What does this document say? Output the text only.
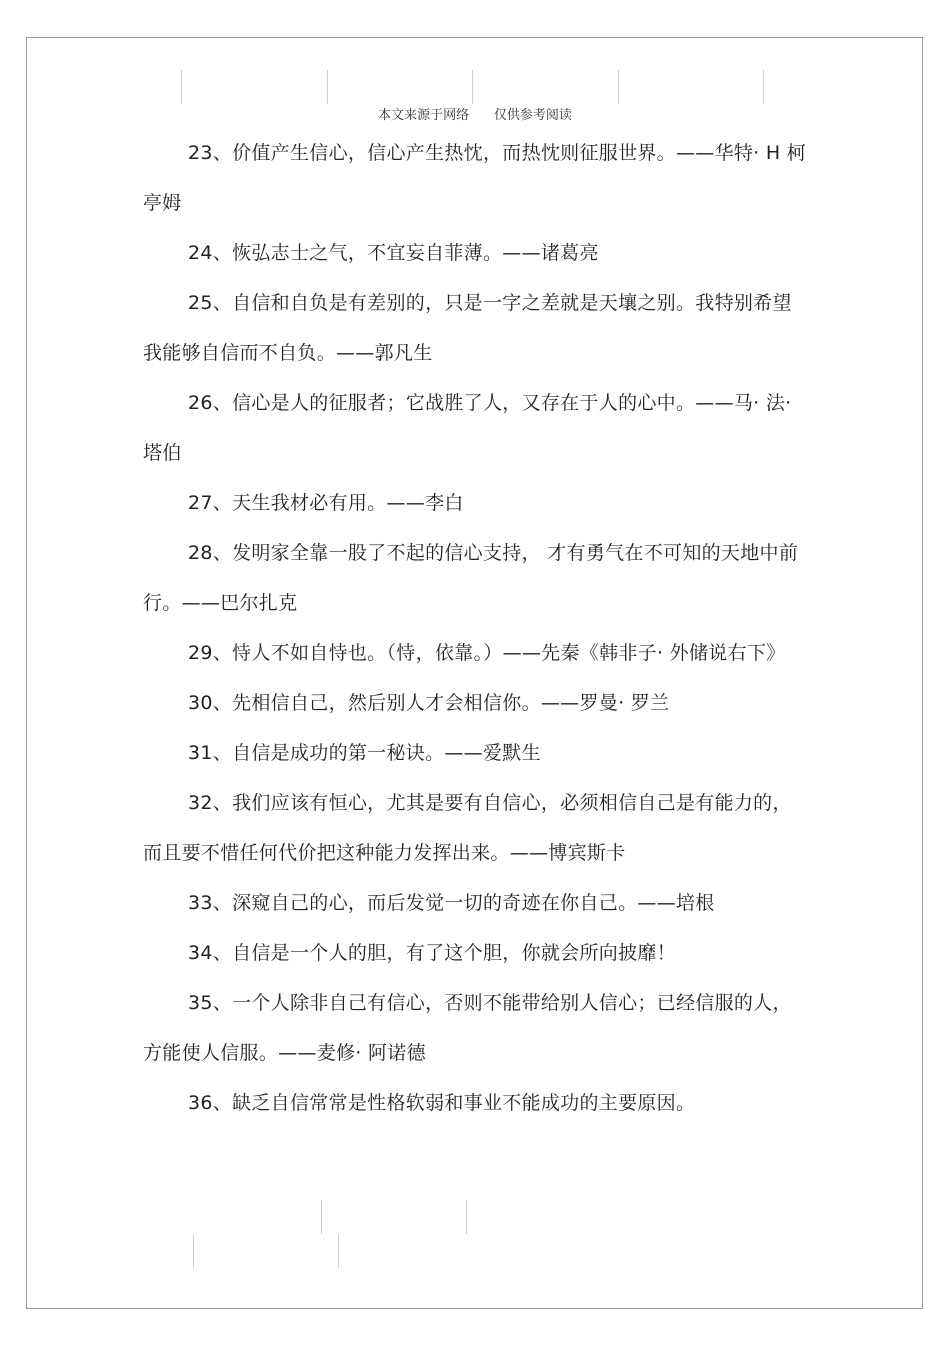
本文来源于网络      仅供参考阅读

23、价值产生信心，信心产生热忱，而热忱则征服世界。——华特· H 柯亭姆

24、恢弘志士之气，不宜妄自菲薄。——诸葛亮

25、自信和自负是有差别的，只是一字之差就是天壤之别。我特别希望我能够自信而不自负。——郭凡生

26、信心是人的征服者；它战胜了人，又存在于人的心中。——马· 法· 塔伯

27、天生我材必有用。——李白

28、发明家全靠一股了不起的信心支持， 才有勇气在不可知的天地中前行。——巴尔扎克

29、恃人不如自恃也。（恃，依靠。）——先秦《韩非子· 外储说右下》

30、先相信自己，然后别人才会相信你。——罗曼· 罗兰

31、自信是成功的第一秘诀。——爱默生

32、我们应该有恒心，尤其是要有自信心，必须相信自己是有能力的，而且要不惜任何代价把这种能力发挥出来。——博宾斯卡

33、深窥自己的心，而后发觉一切的奇迹在你自己。——培根

34、自信是一个人的胆，有了这个胆，你就会所向披靡！

35、一个人除非自己有信心，否则不能带给别人信心；已经信服的人，方能使人信服。——麦修· 阿诺德

36、缺乏自信常常是性格软弱和事业不能成功的主要原因。
